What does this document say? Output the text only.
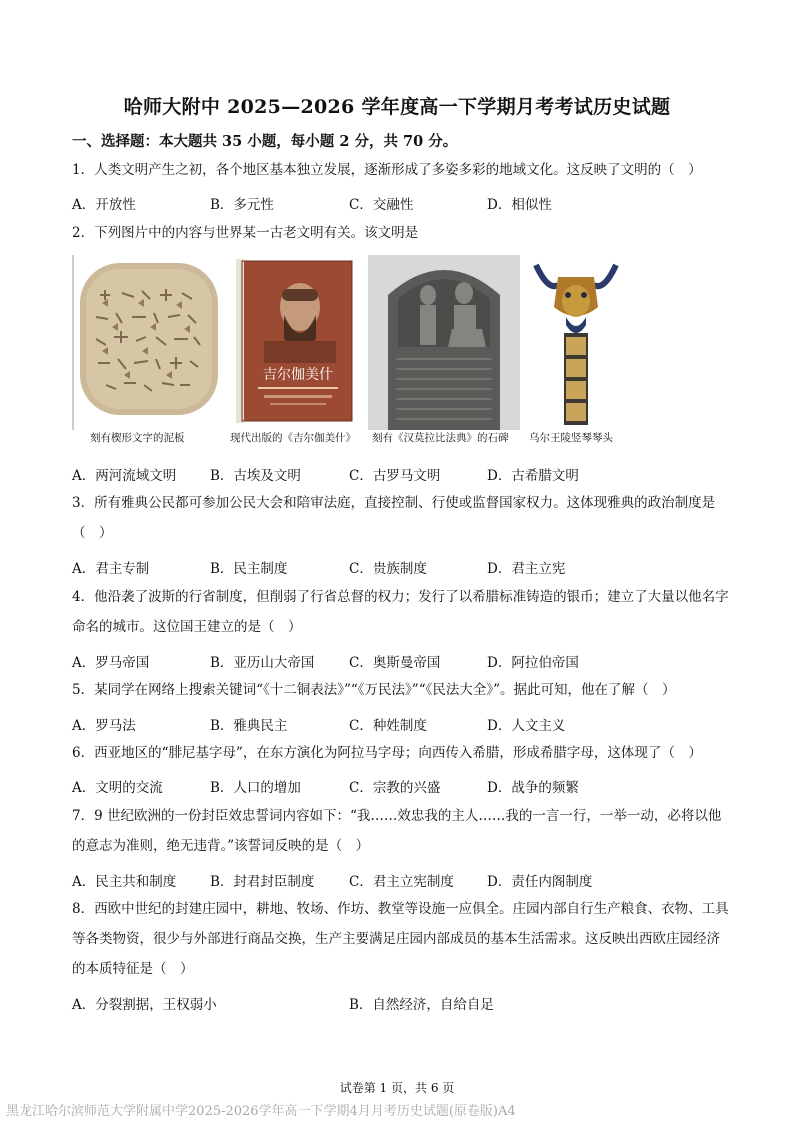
哈师大附中 2025—2026 学年度高一下学期月考考试历史试题
一、选择题：本大题共 35 小题，每小题 2 分，共 70 分。
1．人类文明产生之初，各个地区基本独立发展，逐渐形成了多姿多彩的地域文化。这反映了文明的（　）
A．开放性	B．多元性	C．交融性	D．相似性
2．下列图片中的内容与世界某一古老文明有关。该文明是
吉尔伽美什
刻有楔形文字的泥板	现代出版的《吉尔伽美什》 刻有《汉莫拉比法典》的石碑 乌尔王陵竖琴琴头
A．两河流域文明	B．古埃及文明	C．古罗马文明	D．古希腊文明
3．所有雅典公民都可参加公民大会和陪审法庭，直接控制、行使或监督国家权力。这体现雅典的政治制度是（　）
A．君主专制	B．民主制度	C．贵族制度	D．君主立宪
4．他沿袭了波斯的行省制度，但削弱了行省总督的权力；发行了以希腊标准铸造的银币；建立了大量以他名字命名的城市。这位国王建立的是（　）
A．罗马帝国	B．亚历山大帝国	C．奥斯曼帝国	D．阿拉伯帝国
5．某同学在网络上搜索关键词“《十二铜表法》”“《万民法》”“《民法大全》”。据此可知，他在了解（　）
A．罗马法	B．雅典民主	C．种姓制度	D．人文主义
6．西亚地区的“腓尼基字母”，在东方演化为阿拉马字母；向西传入希腊，形成希腊字母，这体现了（　）
A．文明的交流	B．人口的增加	C．宗教的兴盛	D．战争的频繁
7．9 世纪欧洲的一份封臣效忠誓词内容如下：“我……效忠我的主人……我的一言一行，一举一动，必将以他的意志为准则，绝无违背。”该誓词反映的是（　）
A．民主共和制度	B．封君封臣制度	C．君主立宪制度 D．责任内阁制度
8．西欧中世纪的封建庄园中，耕地、牧场、作坊、教堂等设施一应俱全。庄园内部自行生产粮食、衣物、工具等各类物资，很少与外部进行商品交换，生产主要满足庄园内部成员的基本生活需求。这反映出西欧庄园经济的本质特征是（　）
A．分裂割据，王权弱小	B．自然经济，自给自足
试卷第 1 页，共 6 页
黑龙江哈尔滨师范大学附属中学2025-2026学年高一下学期4月月考历史试题(原卷版)A4
